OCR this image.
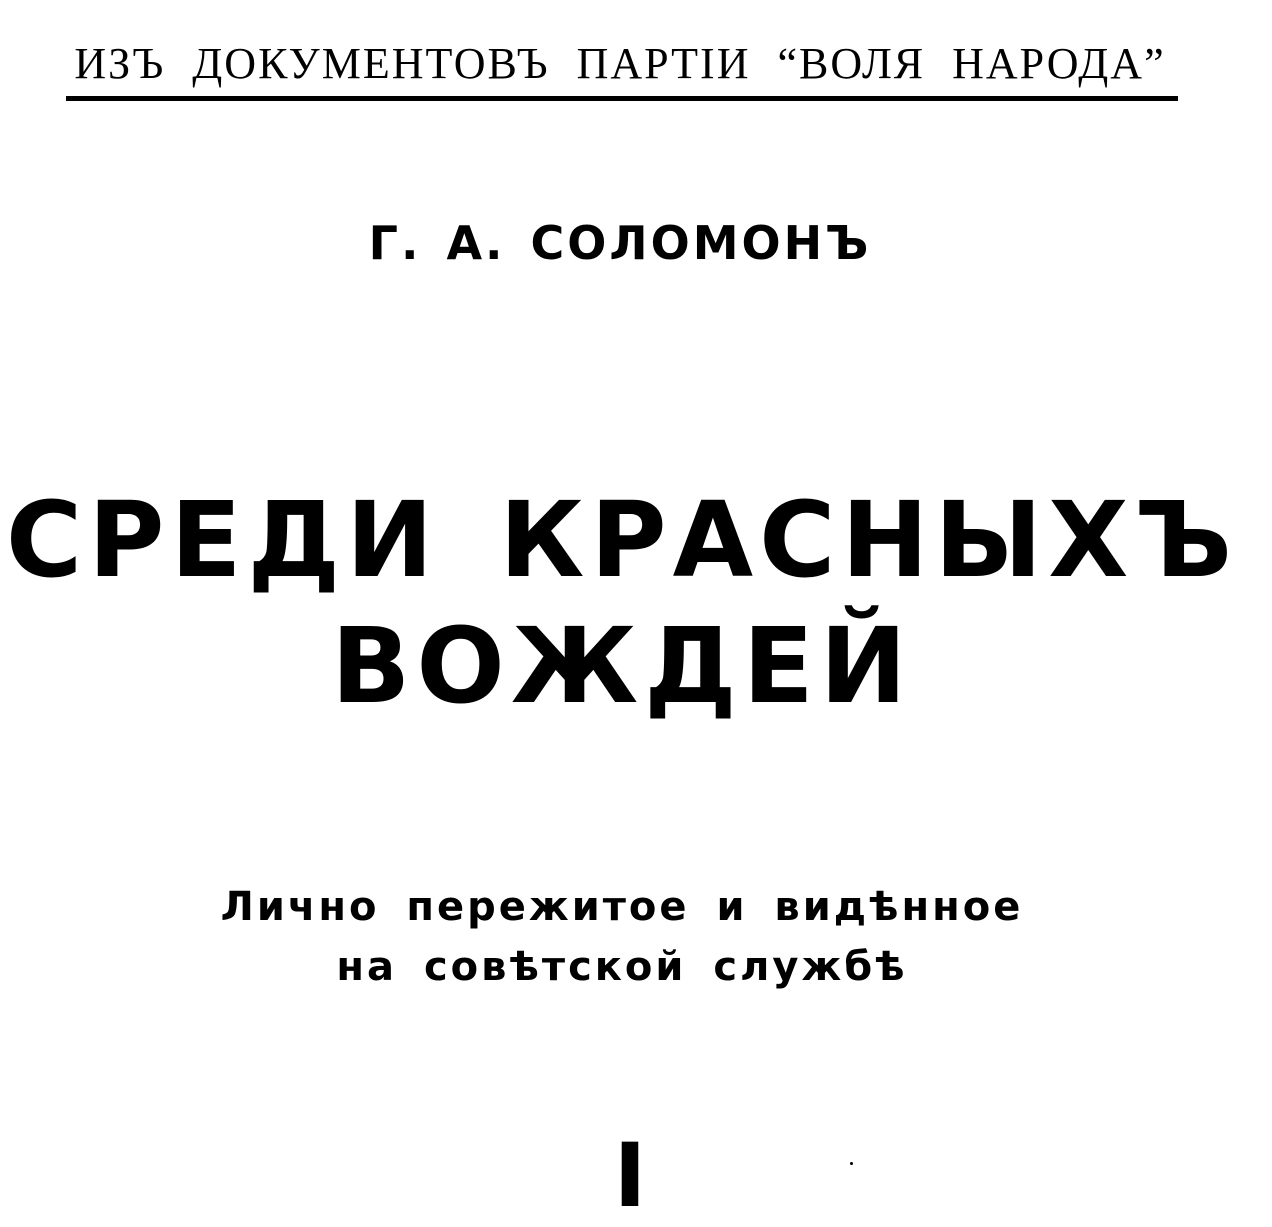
ИЗЪ ДОКУМЕНТОВЪ ПАРТІИ “ВОЛЯ НАРОДА”
Г. А. СОЛОМОНЪ
СРЕДИ КРАСНЫХЪ
ВОЖДЕЙ
Лично пережитое и видѣнное
на совѣтской службѣ
I
